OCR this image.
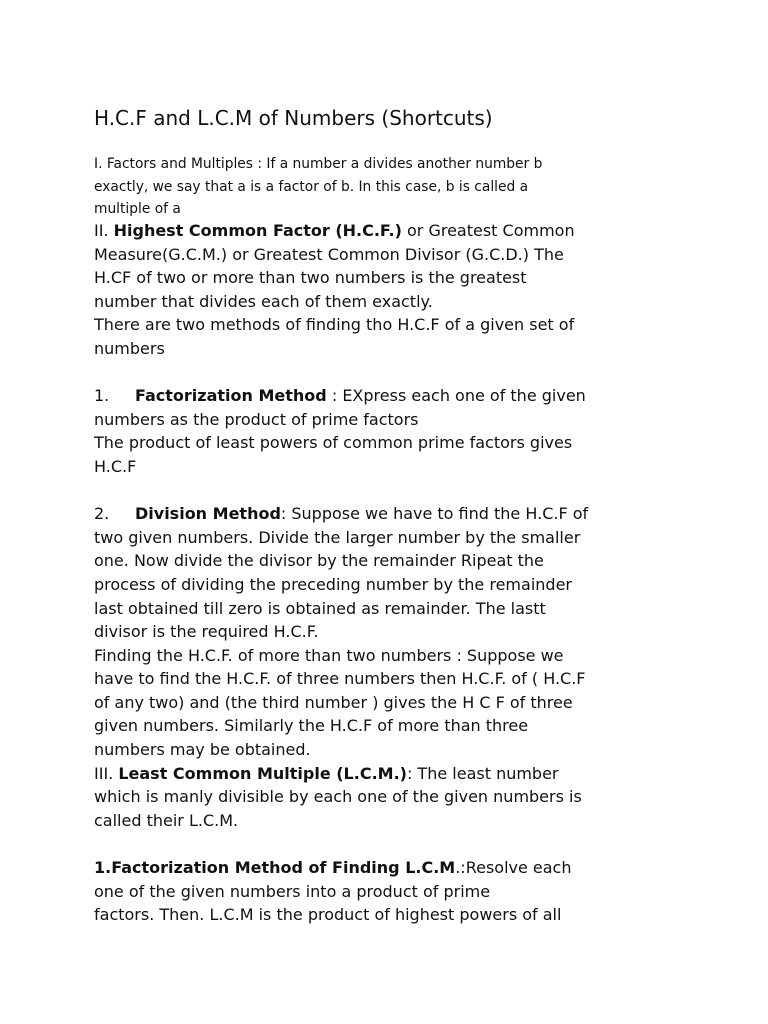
H.C.F and L.C.M of Numbers (Shortcuts)
I. Factors and Multiples : If a number a divides another number b
exactly, we say that a is a factor of b. In this case, b is called a
multiple of a
II. Highest Common Factor (H.C.F.) or Greatest Common
Measure(G.C.M.) or Greatest Common Divisor (G.C.D.) The
H.CF of two or more than two numbers is the greatest
number that divides each of them exactly.
There are two methods of finding tho H.C.F of a given set of
numbers
1. Factorization Method : EXpress each one of the given
numbers as the product of prime factors
The product of least powers of common prime factors gives
H.C.F
2. Division Method: Suppose we have to find the H.C.F of
two given numbers. Divide the larger number by the smaller
one. Now divide the divisor by the remainder Ripeat the
process of dividing the preceding number by the remainder
last obtained till zero is obtained as remainder. The lastt
divisor is the required H.C.F.
Finding the H.C.F. of more than two numbers : Suppose we
have to find the H.C.F. of three numbers then H.C.F. of ( H.C.F
of any two) and (the third number ) gives the H C F of three
given numbers. Similarly the H.C.F of more than three
numbers may be obtained.
III. Least Common Multiple (L.C.M.): The least number
which is manly divisible by each one of the given numbers is
called their L.C.M.
1.Factorization Method of Finding L.C.M.:Resolve each
one of the given numbers into a product of prime
factors. Then. L.C.M is the product of highest powers of all
